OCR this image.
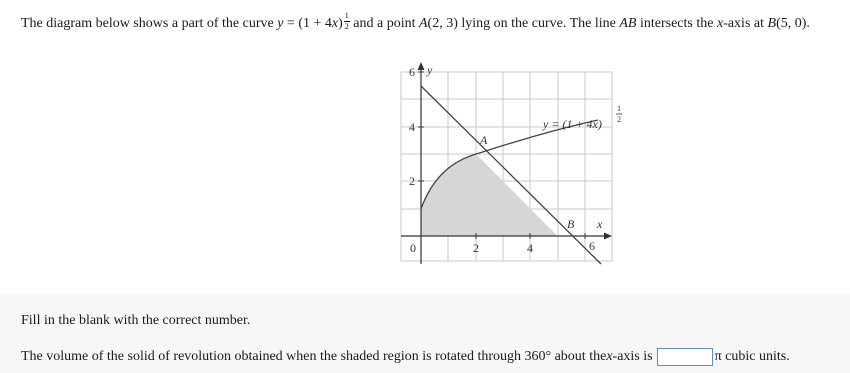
The diagram below shows a part of the curve y = (1 + 4x) $^{\frac{1}{2}}$ and a point A(2, 3) lying on the curve. The line AB intersects the x-axis at B(5, 0).
y
x
6
4
2
0	2	4	6
A
B
y = (1 + 4x)
1
2
Fill in the blank with the correct number.
The volume of the solid of revolution obtained when the shaded region is rotated through 360° about the x -axis is	π cubic units.
